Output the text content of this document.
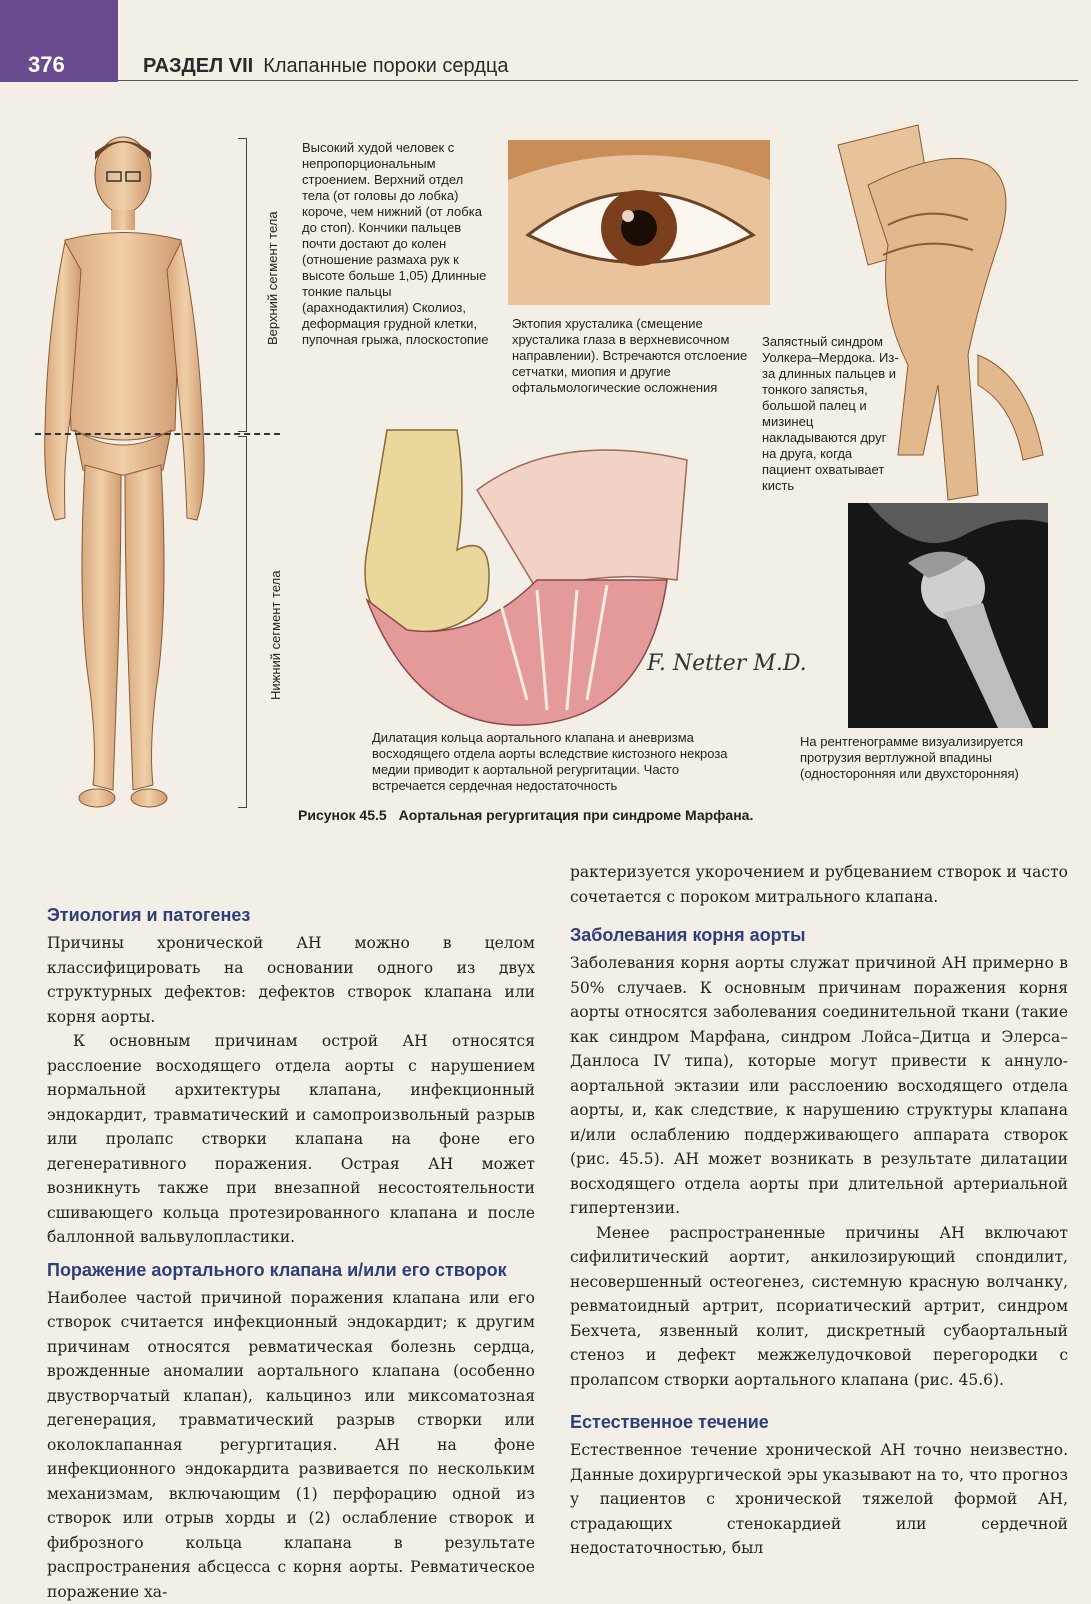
376	РАЗДЕЛ VII Клапанные пороки сердца
Верхний сегмент тела
Нижний сегмент тела
Высокий худой человек с непропорциональным строением. Верхний отдел тела (от головы до лобка) короче, чем нижний (от лобка до стоп). Кончики пальцев почти достают до колен (отношение размаха рук к высоте больше 1,05) Длинные тонкие пальцы (арахнодактилия) Сколиоз, деформация грудной клетки, пупочная грыжа, плоскостопие
Эктопия хрусталика (смещение хрусталика глаза в верхневисочном направлении). Встречаются отслоение сетчатки, миопия и другие офтальмологические осложнения
Запястный синдром Уолкера–Мердока. Из-за длинных пальцев и тонкого запястья, большой палец и мизинец накладываются друг на друга, когда пациент охватывает кисть
F. Netter M.D.
Дилатация кольца аортального клапана и аневризма восходящего отдела аорты вследствие кистозного некроза медии приводит к аортальной регургитации. Часто встречается сердечная недостаточность
На рентгенограмме визуализируется протрузия вертлужной впадины (односторонняя или двухсторонняя)
Рисунок 45.5 Аортальная регургитация при синдроме Марфана.
Этиология и патогенез

Причины хронической АН можно в целом классифицировать на основании одного из двух структурных дефектов: дефектов створок клапана или корня аорты.

К основным причинам острой АН относятся расслоение восходящего отдела аорты с нарушением нормальной архитектуры клапана, инфекционный эндокардит, травматический и самопроизвольный разрыв или пролапс створки клапана на фоне его дегенеративного поражения. Острая АН может возникнуть также при внезапной несостоятельности сшивающего кольца протезированного клапана и после баллонной вальвулопластики.

Поражение аортального клапана и/или его створок

Наиболее частой причиной поражения клапана или его створок считается инфекционный эндокардит; к другим причинам относятся ревматическая болезнь сердца, врожденные аномалии аортального клапана (особенно двустворчатый клапан), кальциноз или миксоматозная дегенерация, травматический разрыв створки или околоклапанная регургитация. АН на фоне инфекционного эндокардита развивается по нескольким механизмам, включающим (1) перфорацию одной из створок или отрыв хорды и (2) ослабление створок и фиброзного кольца клапана в результате распространения абсцесса с корня аорты. Ревматическое поражение ха-

рактеризуется укорочением и рубцеванием створок и часто сочетается с пороком митрального клапана.

Заболевания корня аорты

Заболевания корня аорты служат причиной АН примерно в 50% случаев. К основным причинам поражения корня аорты относятся заболевания соединительной ткани (такие как синдром Марфана, синдром Лойса–Дитца и Элерса–Данлоса IV типа), которые могут привести к аннуло-аортальной эктазии или расслоению восходящего отдела аорты, и, как следствие, к нарушению структуры клапана и/или ослаблению поддерживающего аппарата створок (рис. 45.5). АН может возникать в результате дилатации восходящего отдела аорты при длительной артериальной гипертензии.

Менее распространенные причины АН включают сифилитический аортит, анкилозирующий спондилит, несовершенный остеогенез, системную красную волчанку, ревматоидный артрит, псориатический артрит, синдром Бехчета, язвенный колит, дискретный субаортальный стеноз и дефект межжелудочковой перегородки с пролапсом створки аортального клапана (рис. 45.6).

Естественное течение

Естественное течение хронической АН точно неизвестно. Данные дохирургической эры указывают на то, что прогноз у пациентов с хронической тяжелой формой АН, страдающих стенокардией или сердечной недостаточностью, был
